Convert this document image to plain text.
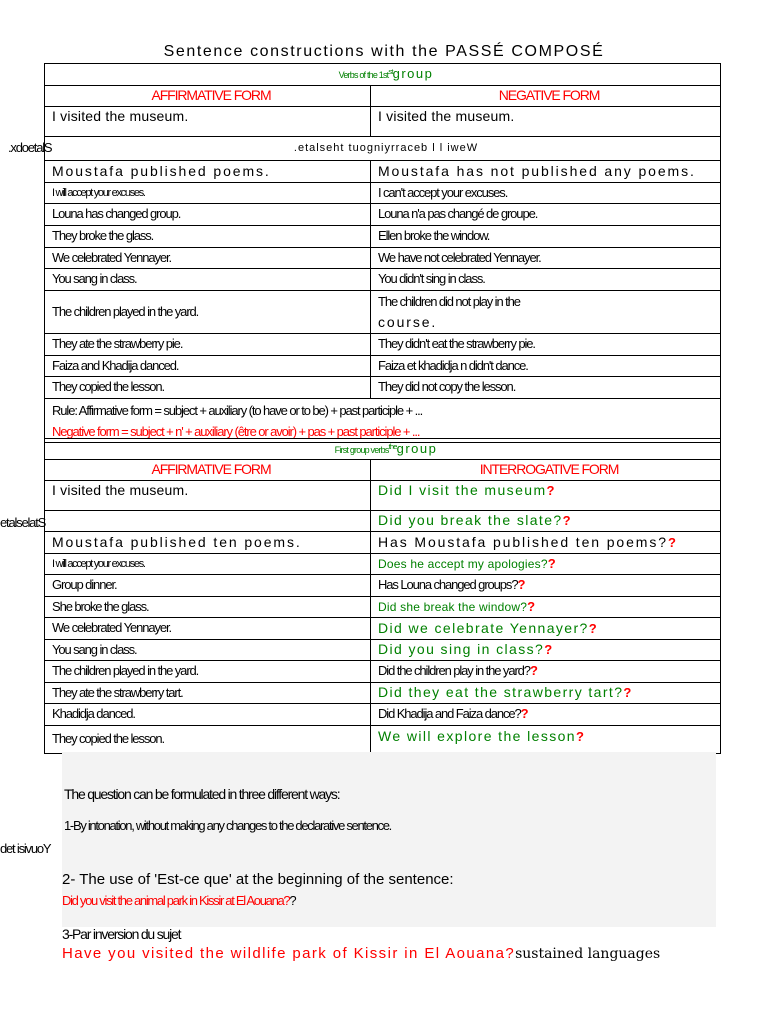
Sentence constructions with the PASSÉ COMPOSÉ
Verbs of the $1st^{st}group$	
AFFIRMATIVE FORM	NEGATIVE FORM
I visited the museum.	I visited the museum.
.etalseht tuogniyrraceb l l iweW	
Moustafa published poems.	Moustafa has not published any poems.
I will accept your excuses.	I can't accept your excuses.
Louna has changed group.	Louna n'a pas changé de groupe.
They broke the glass.	Ellen broke the window.
We celebrated Yennayer.	We have not celebrated Yennayer.
You sang in class.	You didn't sing in class.
The children played in the yard.	The children did not play in the
course.

They ate the strawberry pie.	They didn't eat the strawberry pie.
Faiza and Khadija danced.	Faiza et khadidja n didn't dance.
They copied the lesson.	They did not copy the lesson.

Rule: Affirmative form = subject + auxiliary (to have or to be) + past participle + ...
Negative form = subject + n' + auxiliary (être or avoir) + pas + past participle + ...	
First group verbs$^{the}$group	
AFFIRMATIVE FORM	INTERROGATIVE FORM
I visited the museum.	Did I visit the museum?
	Did you break the slate??
Moustafa published ten poems.	Has Moustafa published ten poems??
I will accept your excuses.	Does he accept my apologies??
Group dinner.	Has Louna changed groups??
She broke the glass.	Did she break the window??
We celebrated Yennayer.	Did we celebrate Yennayer??
You sang in class.	Did you sing in class??
The children played in the yard.	Did the children play in the yard??
They ate the strawberry tart.	Did they eat the strawberry tart??
Khadidja danced.	Did Khadija and Faiza dance??
They copied the lesson.	We will explore the lesson?
.xdoetalS
etalselatS
det isivuoY
The question can be formulated in three different ways:
1-By intonation, without making any changes to the declarative sentence.
2- The use of 'Est-ce que' at the beginning of the sentence:
Did you visit the animal park in Kissir at El Aouana??
3-Par inversion du sujet
Have you visited the wildlife park of Kissir in El Aouana?sustained languages
